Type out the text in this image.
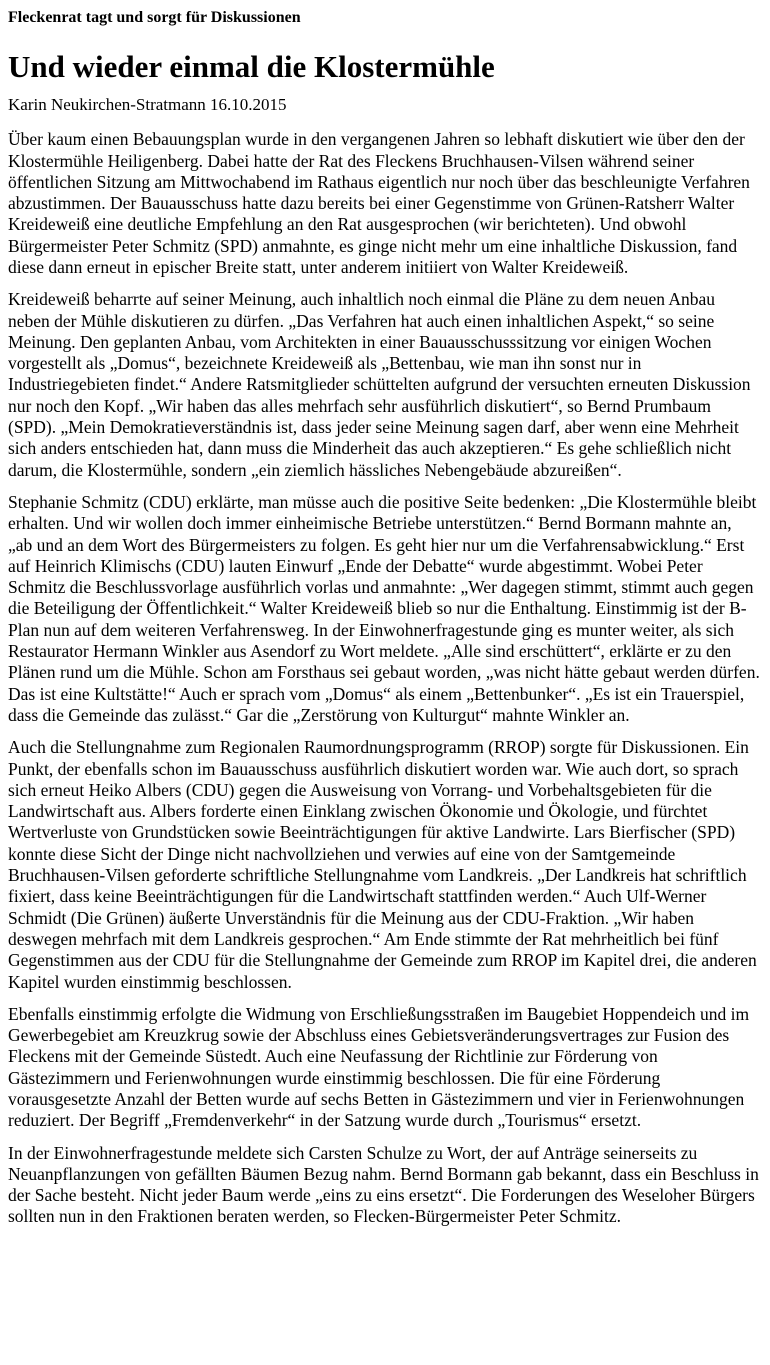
Fleckenrat tagt und sorgt für Diskussionen
Und wieder einmal die Klostermühle
Karin Neukirchen-Stratmann 16.10.2015

Über kaum einen Bebauungsplan wurde in den vergangenen Jahren so lebhaft diskutiert wie über den der Klostermühle Heiligenberg. Dabei hatte der Rat des Fleckens Bruchhausen-Vilsen während seiner öffentlichen Sitzung am Mittwochabend im Rathaus eigentlich nur noch über das beschleunigte Verfahren abzustimmen. Der Bauausschuss hatte dazu bereits bei einer Gegenstimme von Grünen-Ratsherr Walter Kreideweiß eine deutliche Empfehlung an den Rat ausgesprochen (wir berichteten). Und obwohl Bürgermeister Peter Schmitz (SPD) anmahnte, es ginge nicht mehr um eine inhaltliche Diskussion, fand diese dann erneut in epischer Breite statt, unter anderem initiiert von Walter Kreideweiß.

Kreideweiß beharrte auf seiner Meinung, auch inhaltlich noch einmal die Pläne zu dem neuen Anbau neben der Mühle diskutieren zu dürfen. „Das Verfahren hat auch einen inhaltlichen Aspekt,“ so seine Meinung. Den geplanten Anbau, vom Architekten in einer Bauausschusssitzung vor einigen Wochen vorgestellt als „Domus“, bezeichnete Kreideweiß als „Bettenbau, wie man ihn sonst nur in Industriegebieten findet.“ Andere Ratsmitglieder schüttelten aufgrund der versuchten erneuten Diskussion nur noch den Kopf. „Wir haben das alles mehrfach sehr ausführlich diskutiert“, so Bernd Prumbaum (SPD). „Mein Demokratieverständnis ist, dass jeder seine Meinung sagen darf, aber wenn eine Mehrheit sich anders entschieden hat, dann muss die Minderheit das auch akzeptieren.“ Es gehe schließlich nicht darum, die Klostermühle, sondern „ein ziemlich hässliches Nebengebäude abzureißen“.

Stephanie Schmitz (CDU) erklärte, man müsse auch die positive Seite bedenken: „Die Klostermühle bleibt erhalten. Und wir wollen doch immer einheimische Betriebe unterstützen.“ Bernd Bormann mahnte an, „ab und an dem Wort des Bürgermeisters zu folgen. Es geht hier nur um die Verfahrensabwicklung.“ Erst auf Heinrich Klimischs (CDU) lauten Einwurf „Ende der Debatte“ wurde abgestimmt. Wobei Peter Schmitz die Beschlussvorlage ausführlich vorlas und anmahnte: „Wer dagegen stimmt, stimmt auch gegen die Beteiligung der Öffentlichkeit.“ Walter Kreideweiß blieb so nur die Enthaltung. Einstimmig ist der B-Plan nun auf dem weiteren Verfahrensweg. In der Einwohnerfragestunde ging es munter weiter, als sich Restaurator Hermann Winkler aus Asendorf zu Wort meldete. „Alle sind erschüttert“, erklärte er zu den Plänen rund um die Mühle. Schon am Forsthaus sei gebaut worden, „was nicht hätte gebaut werden dürfen. Das ist eine Kultstätte!“ Auch er sprach vom „Domus“ als einem „Bettenbunker“. „Es ist ein Trauerspiel, dass die Gemeinde das zulässt.“ Gar die „Zerstörung von Kulturgut“ mahnte Winkler an.

Auch die Stellungnahme zum Regionalen Raumordnungsprogramm (RROP) sorgte für Diskussionen. Ein Punkt, der ebenfalls schon im Bauausschuss ausführlich diskutiert worden war. Wie auch dort, so sprach sich erneut Heiko Albers (CDU) gegen die Ausweisung von Vorrang- und Vorbehaltsgebieten für die Landwirtschaft aus. Albers forderte einen Einklang zwischen Ökonomie und Ökologie, und fürchtet Wertverluste von Grundstücken sowie Beeinträchtigungen für aktive Landwirte. Lars Bierfischer (SPD) konnte diese Sicht der Dinge nicht nachvollziehen und verwies auf eine von der Samtgemeinde Bruchhausen-Vilsen geforderte schriftliche Stellungnahme vom Landkreis. „Der Landkreis hat schriftlich fixiert, dass keine Beeinträchtigungen für die Landwirtschaft stattfinden werden.“ Auch Ulf-Werner Schmidt (Die Grünen) äußerte Unverständnis für die Meinung aus der CDU-Fraktion. „Wir haben deswegen mehrfach mit dem Landkreis gesprochen.“ Am Ende stimmte der Rat mehrheitlich bei fünf Gegenstimmen aus der CDU für die Stellungnahme der Gemeinde zum RROP im Kapitel drei, die anderen Kapitel wurden einstimmig beschlossen.

Ebenfalls einstimmig erfolgte die Widmung von Erschließungsstraßen im Baugebiet Hoppendeich und im Gewerbegebiet am Kreuzkrug sowie der Abschluss eines Gebietsveränderungsvertrages zur Fusion des Fleckens mit der Gemeinde Süstedt. Auch eine Neufassung der Richtlinie zur Förderung von Gästezimmern und Ferienwohnungen wurde einstimmig beschlossen. Die für eine Förderung vorausgesetzte Anzahl der Betten wurde auf sechs Betten in Gästezimmern und vier in Ferienwohnungen reduziert. Der Begriff „Fremdenverkehr“ in der Satzung wurde durch „Tourismus“ ersetzt.

In der Einwohnerfragestunde meldete sich Carsten Schulze zu Wort, der auf Anträge seinerseits zu Neuanpflanzungen von gefällten Bäumen Bezug nahm. Bernd Bormann gab bekannt, dass ein Beschluss in der Sache besteht. Nicht jeder Baum werde „eins zu eins ersetzt“. Die Forderungen des Weseloher Bürgers sollten nun in den Fraktionen beraten werden, so Flecken-Bürgermeister Peter Schmitz.
